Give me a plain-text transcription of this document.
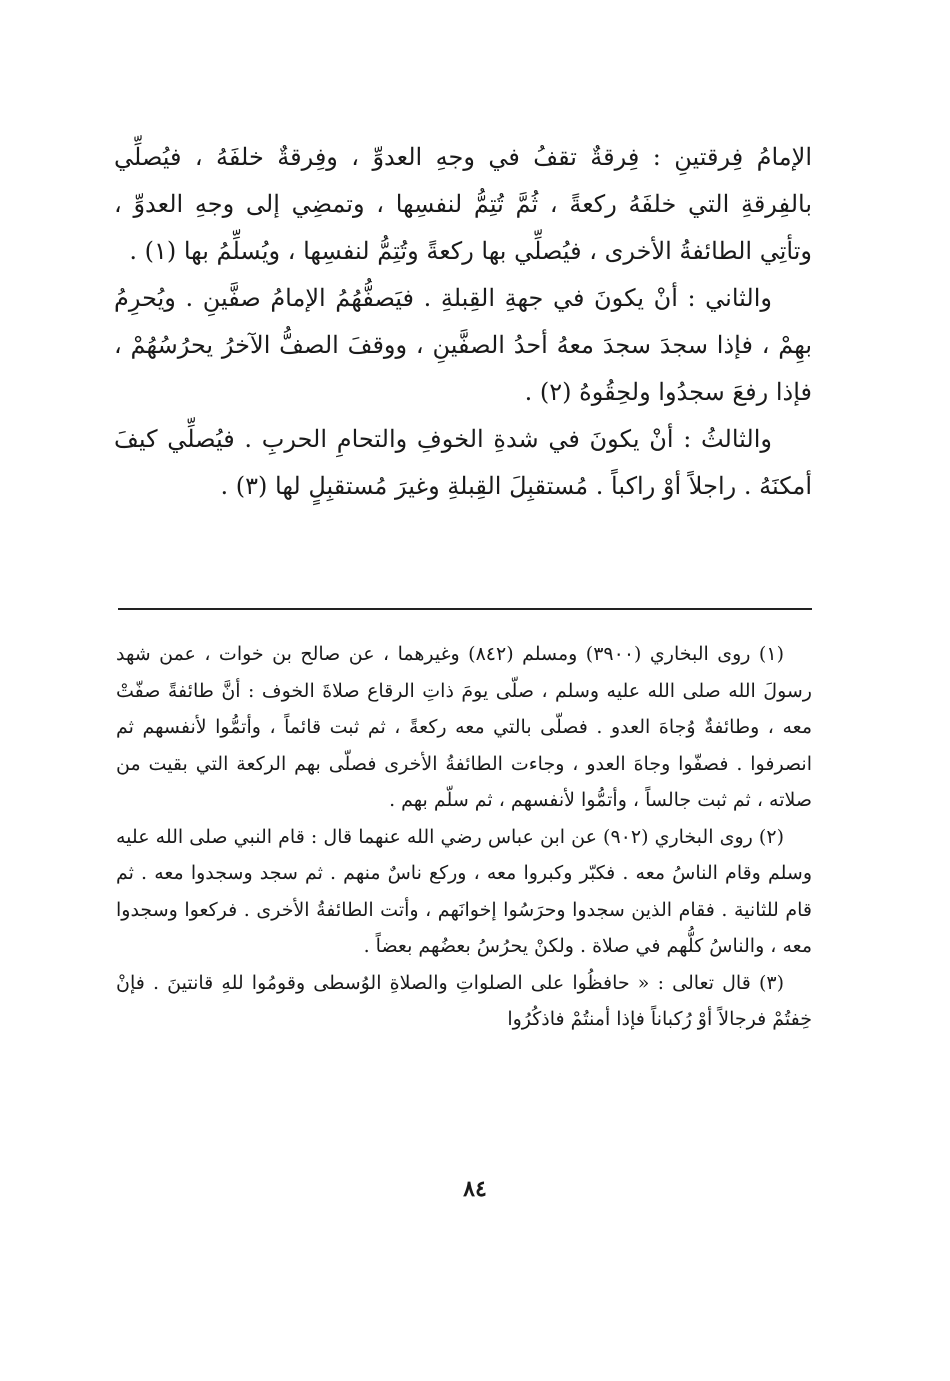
الإمامُ فِرقتينِ : فِرقةٌ تقفُ في وجهِ العدوِّ ، وفِرقةٌ خلفَهُ ، فيُصلِّي بالفِرقةِ التي خلفَهُ ركعةً ، ثُمَّ تُتِمُّ لنفسِها ، وتمضِي إلى وجهِ العدوِّ ، وتأتِي الطائفةُ الأخرى ، فيُصلِّي بها ركعةً وتُتِمُّ لنفسِها ، ويُسلِّمُ بها (١) .

والثاني : أنْ يكونَ في جهةِ القِبلةِ . فيَصفُّهُمُ الإمامُ صفَّينِ . ويُحرِمُ بهِمْ ، فإذا سجدَ سجدَ معهُ أحدُ الصفَّينِ ، ووقفَ الصفُّ الآخرُ يحرُسُهُمْ ، فإذا رفعَ سجدُوا ولحِقُوهُ (٢) .

والثالثُ : أنْ يكونَ في شدةِ الخوفِ والتحامِ الحربِ . فيُصلِّي كيفَ أمكنَهُ . راجلاً أوْ راكباً . مُستقبِلَ القِبلةِ وغيرَ مُستقبِلٍ لها (٣) .

(١) روى البخاري (٣٩٠٠) ومسلم (٨٤٢) وغيرهما ، عن صالح بن خوات ، عمن شهد رسولَ الله صلى الله عليه وسلم ، صلّى يومَ ذاتِ الرقاع صلاةَ الخوف : أنَّ طائفةً صفّتْ معه ، وطائفةٌ وُجاهَ العدو . فصلّى بالتي معه ركعةً ، ثم ثبت قائماً ، وأتمُّوا لأنفسهم ثم انصرفوا . فصفّوا وجاهَ العدو ، وجاءت الطائفةُ الأخرى فصلّى بهم الركعة التي بقيت من صلاته ، ثم ثبت جالساً ، وأتمُّوا لأنفسهم ، ثم سلّم بهم .

(٢) روى البخاري (٩٠٢) عن ابن عباس رضي الله عنهما قال : قام النبي صلى الله عليه وسلم وقام الناسُ معه . فكبّر وكبروا معه ، وركع ناسٌ منهم . ثم سجد وسجدوا معه . ثم قام للثانية . فقام الذين سجدوا وحرَسُوا إخوانَهم ، وأتت الطائفةُ الأخرى . فركعوا وسجدوا معه ، والناسُ كلُّهم في صلاة . ولكنْ يحرُسُ بعضُهم بعضاً .

(٣) قال تعالى : « حافظُوا على الصلواتِ والصلاةِ الوُسطى وقومُوا للهِ قانتينَ . فإنْ خِفتُمْ فرجالاً أوْ رُكباناً فإذا أمنتُمْ فاذكُرُوا

٨٤
